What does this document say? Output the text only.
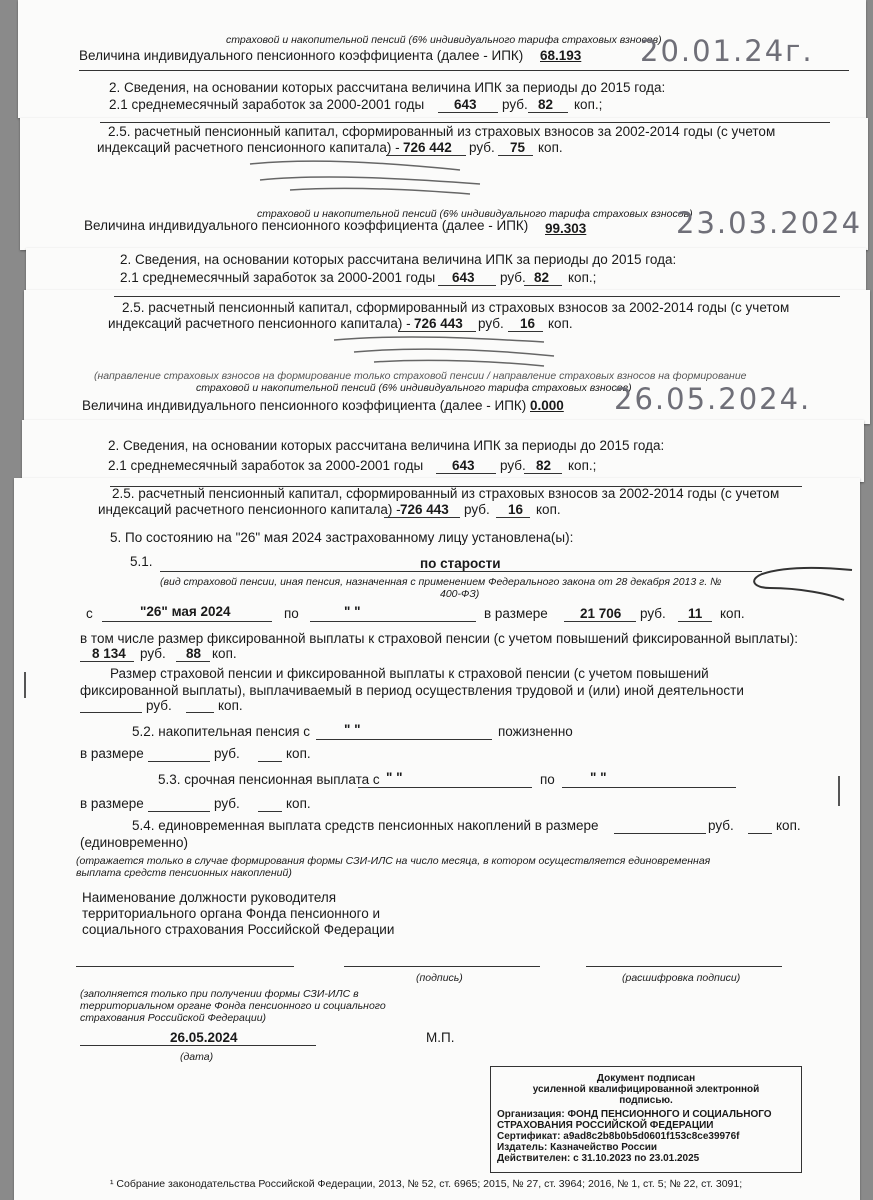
страховой и накопительной пенсий (6% индивидуального тарифа страховых взносов)
Величина индивидуального пенсионного коэффициента (далее - ИПК) 68.193 20.01.24г.
2. Сведения, на основании которых рассчитана величина ИПК за периоды до 2015 года:
2.1 среднемесячный заработок за 2000-2001 годы 643 руб. 82 коп.;
2.5. расчетный пенсионный капитал, сформированный из страховых взносов за 2002-2014 годы (с учетом
индексаций расчетного пенсионного капитала) - 726 442 руб. 75 коп.
страховой и накопительной пенсий (6% индивидуального тарифа страховых взносов)
Величина индивидуального пенсионного коэффициента (далее - ИПК) 99.303	23.03.2024
2. Сведения, на основании которых рассчитана величина ИПК за периоды до 2015 года:
2.1 среднемесячный заработок за 2000-2001 годы 643 руб. 82 коп.;
2.5. расчетный пенсионный капитал, сформированный из страховых взносов за 2002-2014 годы (с учетом
индексаций расчетного пенсионного капитала) - 726 443 руб. 16 коп.
(направление страховых взносов на формирование только страховой пенсии / направление страховых взносов на формирование
страховой и накопительной пенсий (6% индивидуального тарифа страховых взносов)
Величина индивидуального пенсионного коэффициента (далее - ИПК) 0.000 26.05.2024.
2. Сведения, на основании которых рассчитана величина ИПК за периоды до 2015 года:
2.1 среднемесячный заработок за 2000-2001 годы 643 руб. 82 коп.;
2.5. расчетный пенсионный капитал, сформированный из страховых взносов за 2002-2014 годы (с учетом
индексаций расчетного пенсионного капитала) - 726 443 руб. 16 коп.
5. По состоянию на "26" мая 2024 застрахованному лицу установлена(ы):
5.1.	по старости
(вид страховой пенсии, иная пенсия, назначенная с применением Федерального закона от 28 декабря 2013 г. №
400-ФЗ)
с	"26" мая 2024	по	" "	в размере 21 706 руб. 11 коп.
в том числе размер фиксированной выплаты к страховой пенсии (с учетом повышений фиксированной выплаты):
8 134 руб. 88 коп.
Размер страховой пенсии и фиксированной выплаты к страховой пенсии (с учетом повышений
фиксированной выплаты), выплачиваемый в период осуществления трудовой и (или) иной деятельности
руб.	коп.
5.2. накопительная пенсия с	" "	пожизненно
в размере	руб.	коп.
5.3. срочная пенсионная выплата с " "	по	" "
в размере	руб.	коп.
5.4. единовременная выплата средств пенсионных накоплений в размере	руб.	коп.
(единовременно)
(отражается только в случае формирования формы СЗИ-ИЛС на число месяца, в котором осуществляется единовременная
выплата средств пенсионных накоплений)
Наименование должности руководителя
территориального органа Фонда пенсионного и
социального страхования Российской Федерации
(подпись)	(расшифровка подписи)
(заполняется только при получении формы СЗИ-ИЛС в
территориальном органе Фонда пенсионного и социального
страхования Российской Федерации)
26.05.2024
(дата)
М.П.
¹ Собрание законодательства Российской Федерации, 2013, № 52, ст. 6965; 2015, № 27, ст. 3964; 2016, № 1, ст. 5; № 22, ст. 3091;
Документ подписан
усиленной квалифицированной электронной
подписью.
Организация: ФОНД ПЕНСИОННОГО И СОЦИАЛЬНОГО
СТРАХОВАНИЯ РОССИЙСКОЙ ФЕДЕРАЦИИ
Сертификат: a9ad8c2b8b0b5d0601f153c8ce39976f
Издатель: Казначейство России
Действителен: с 31.10.2023 по 23.01.2025
